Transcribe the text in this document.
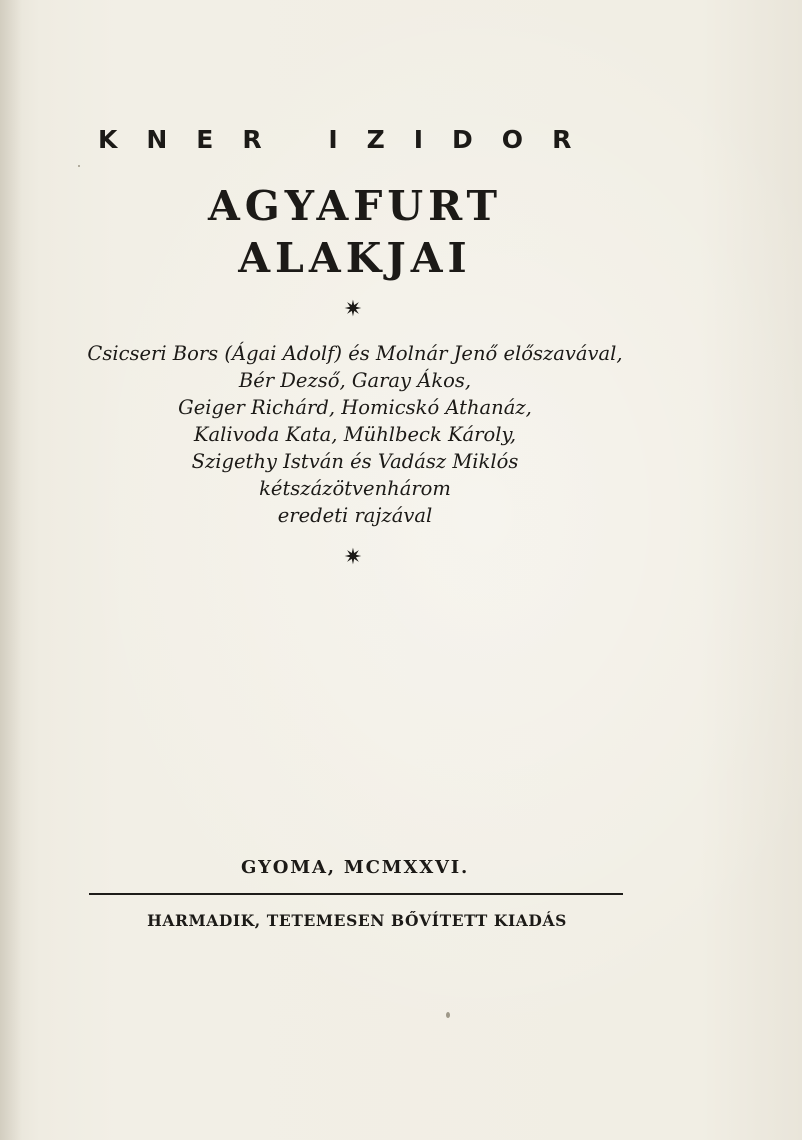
KNER IZIDOR
AGYAFURT
ALAKJAI
✷
Csicseri Bors (Ágai Adolf) és Molnár Jenő előszavával,
Bér Dezső, Garay Ákos,
Geiger Richárd, Homicskó Athanáz,
Kalivoda Kata, Mühlbeck Károly,
Szigethy István és Vadász Miklós
kétszázötvenhárom
eredeti rajzával
✷
GYOMA, MCMXXVI.
HARMADIK, TETEMESEN BŐVÍTETT KIADÁS
